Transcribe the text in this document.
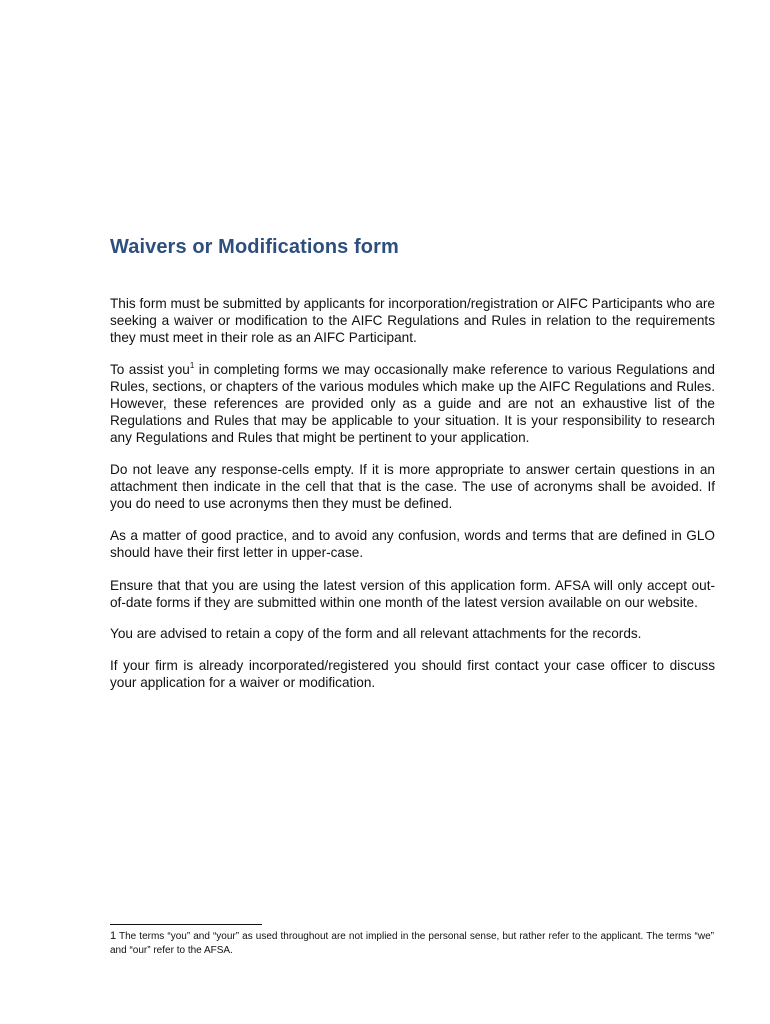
Waivers or Modifications form

This form must be submitted by applicants for incorporation/registration or AIFC Participants who are seeking a waiver or modification to the AIFC Regulations and Rules in relation to the requirements they must meet in their role as an AIFC Participant.

To assist you$^1$ in completing forms we may occasionally make reference to various Regulations and Rules, sections, or chapters of the various modules which make up the AIFC Regulations and Rules. However, these references are provided only as a guide and are not an exhaustive list of the Regulations and Rules that may be applicable to your situation. It is your responsibility to research any Regulations and Rules that might be pertinent to your application.

Do not leave any response-cells empty. If it is more appropriate to answer certain questions in an attachment then indicate in the cell that that is the case. The use of acronyms shall be avoided. If you do need to use acronyms then they must be defined.

As a matter of good practice, and to avoid any confusion, words and terms that are defined in GLO should have their first letter in upper-case.

Ensure that that you are using the latest version of this application form. AFSA will only accept out-of-date forms if they are submitted within one month of the latest version available on our website.

You are advised to retain a copy of the form and all relevant attachments for the records.

If your firm is already incorporated/registered you should first contact your case officer to discuss your application for a waiver or modification.

1 The terms “you” and “your” as used throughout are not implied in the personal sense, but rather refer to the applicant. The terms “we” and “our” refer to the AFSA.
